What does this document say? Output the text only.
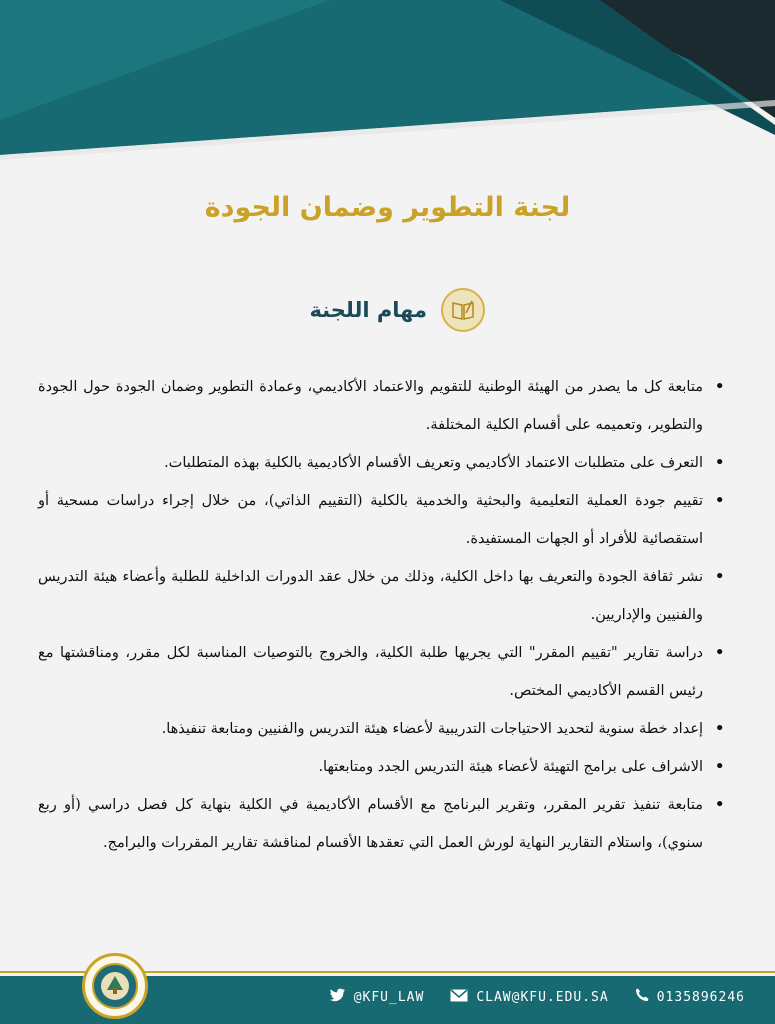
لجنة التطوير وضمان الجودة
مهام اللجنة
• متابعة كل ما يصدر من الهيئة الوطنية للتقويم والاعتماد الأكاديمي، وعمادة التطوير وضمان الجودة حول الجودة والتطوير، وتعميمه على أقسام الكلية المختلفة.
• التعرف على متطلبات الاعتماد الأكاديمي وتعريف الأقسام الأكاديمية بالكلية بهذه المتطلبات.
• تقييم جودة العملية التعليمية والبحثية والخدمية بالكلية (التقييم الذاتي)، من خلال إجراء دراسات مسحية أو استقصائية للأفراد أو الجهات المستفيدة.
• نشر ثقافة الجودة والتعريف بها داخل الكلية، وذلك من خلال عقد الدورات الداخلية للطلبة وأعضاء هيئة التدريس والفنيين والإداريين.
• دراسة تقارير "تقييم المقرر" التي يجريها طلبة الكلية، والخروج بالتوصيات المناسبة لكل مقرر، ومناقشتها مع رئيس القسم الأكاديمي المختص.
• إعداد خطة سنوية لتحديد الاحتياجات التدريبية لأعضاء هيئة التدريس والفنيين ومتابعة تنفيذها.
• الاشراف على برامج التهيئة لأعضاء هيئة التدريس الجدد ومتابعتها.
• متابعة تنفيذ تقرير المقرر، وتقرير البرنامج مع الأقسام الأكاديمية في الكلية بنهاية كل فصل دراسي (أو ربع سنوي)، واستلام التقارير النهاية لورش العمل التي تعقدها الأقسام لمناقشة تقارير المقررات والبرامج.
@KFU_LAW	CLAW@KFU.EDU.SA	0135896246
